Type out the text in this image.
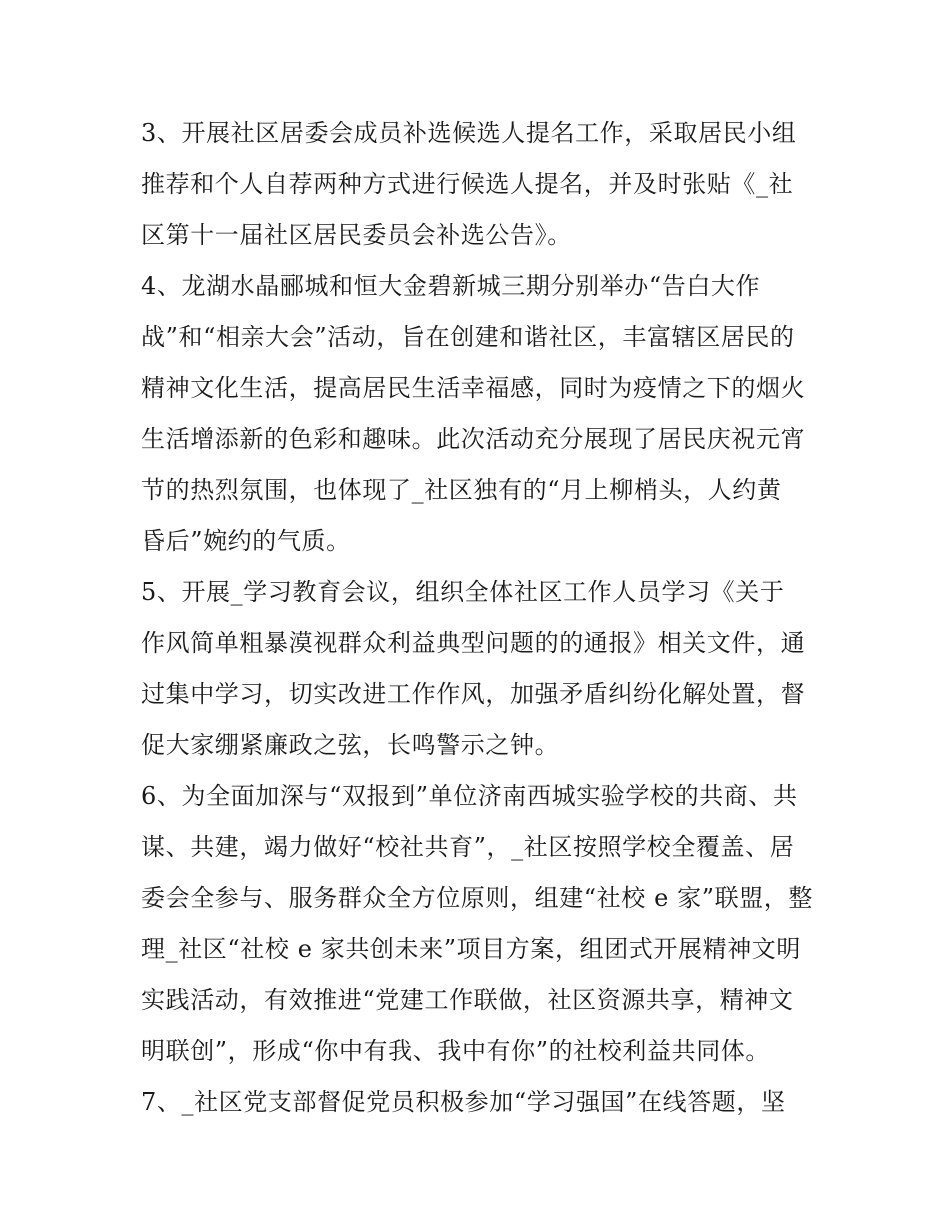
3、开展社区居委会成员补选候选人提名工作，采取居民小组
推荐和个人自荐两种方式进行候选人提名，并及时张贴《_社
区第十一届社区居民委员会补选公告》。
4、龙湖水晶郦城和恒大金碧新城三期分别举办“告白大作
战”和“相亲大会”活动，旨在创建和谐社区，丰富辖区居民的
精神文化生活，提高居民生活幸福感，同时为疫情之下的烟火
生活增添新的色彩和趣味。此次活动充分展现了居民庆祝元宵
节的热烈氛围，也体现了_社区独有的“月上柳梢头，人约黄
昏后”婉约的气质。
5、开展_学习教育会议，组织全体社区工作人员学习《关于
作风简单粗暴漠视群众利益典型问题的的通报》相关文件，通
过集中学习，切实改进工作作风，加强矛盾纠纷化解处置，督
促大家绷紧廉政之弦，长鸣警示之钟。
6、为全面加深与“双报到”单位济南西城实验学校的共商、共
谋、共建，竭力做好“校社共育”，_社区按照学校全覆盖、居
委会全参与、服务群众全方位原则，组建“社校 e 家”联盟，整
理_社区“社校 e 家共创未来”项目方案，组团式开展精神文明
实践活动，有效推进“党建工作联做，社区资源共享，精神文
明联创”，形成“你中有我、我中有你”的社校利益共同体。
7、_社区党支部督促党员积极参加“学习强国”在线答题，坚
